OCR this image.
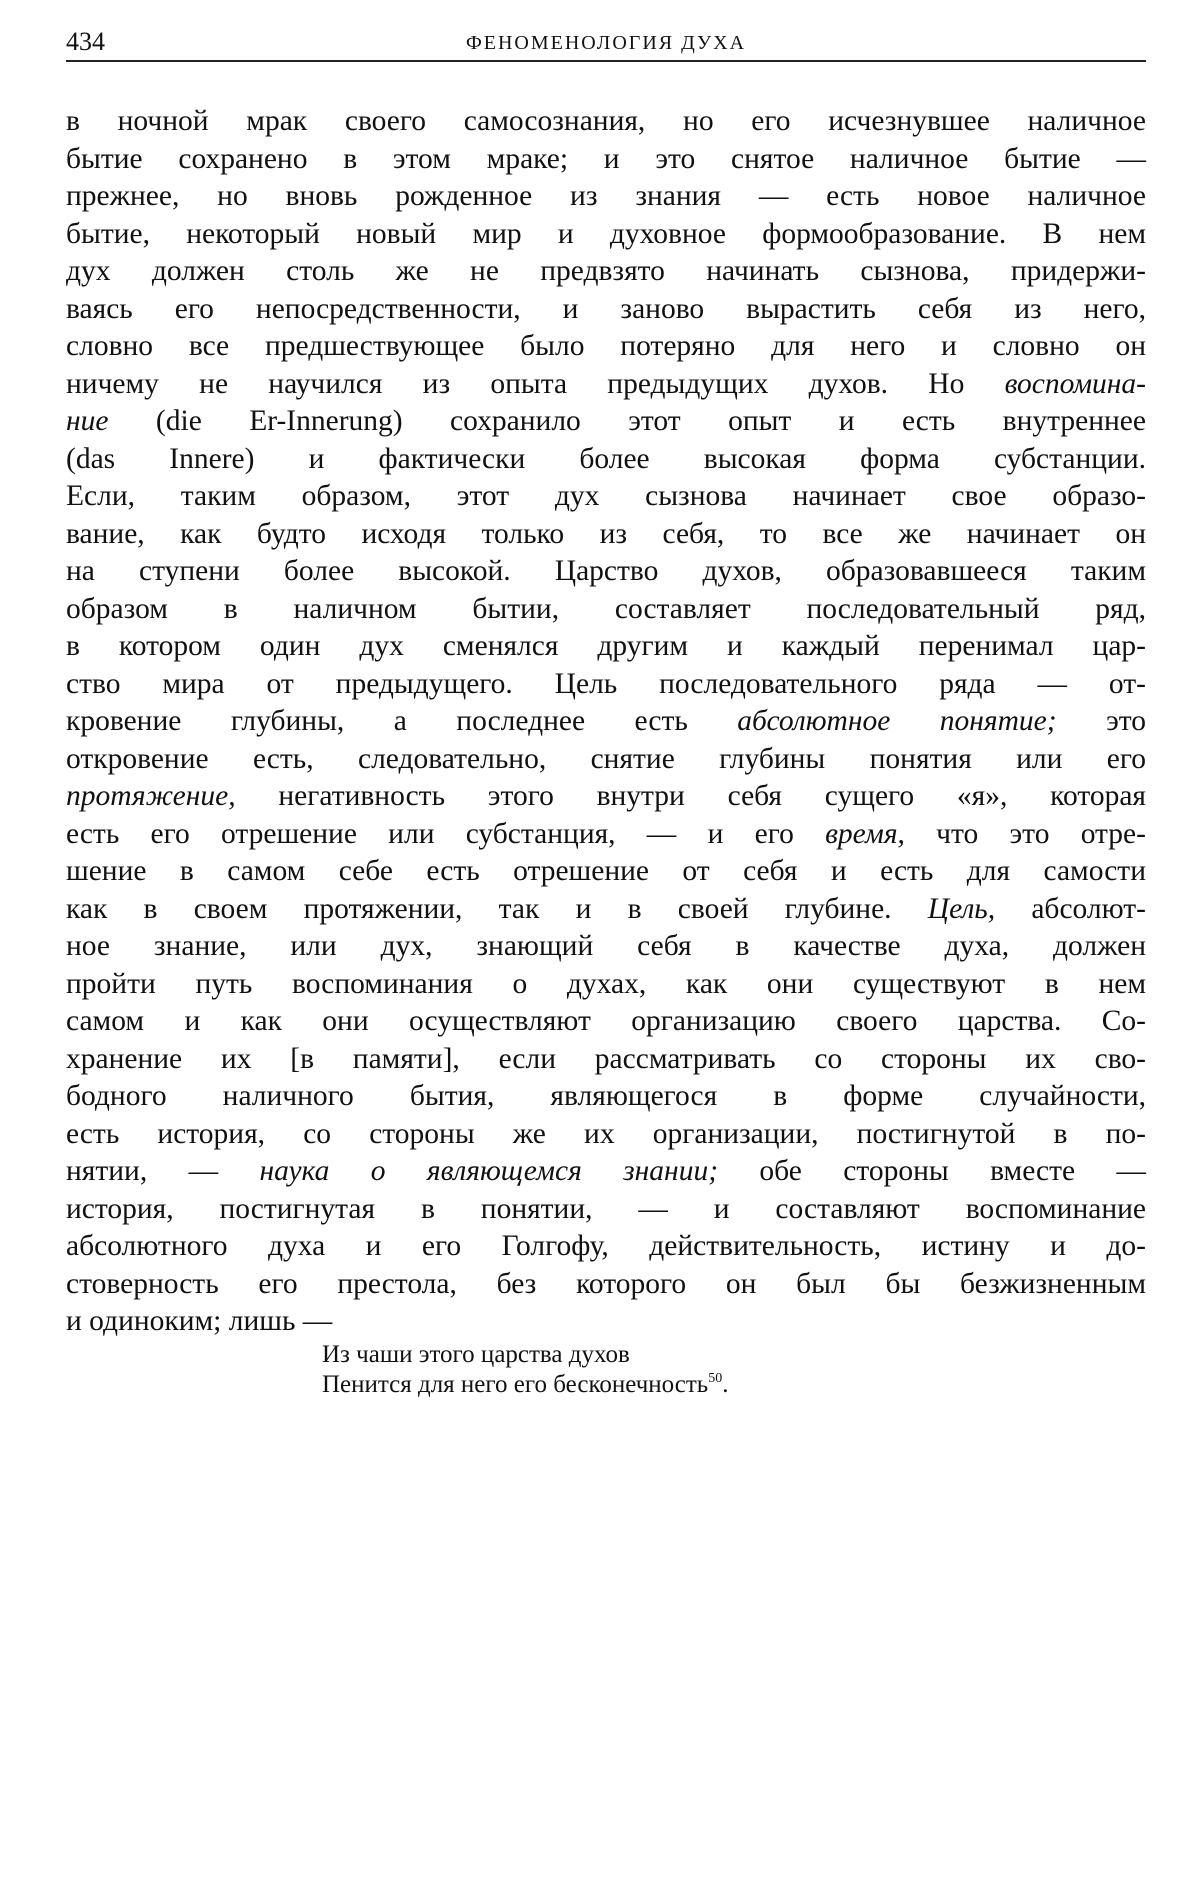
434	ФЕНОМЕНОЛОГИЯ ДУХА
в ночной мрак своего самосознания, но его исчезнувшее наличное
бытие сохранено в этом мраке; и это снятое наличное бытие —
прежнее, но вновь рожденное из знания — есть новое наличное
бытие, некоторый новый мир и духовное формообразование. В нем
дух должен столь же не предвзято начинать сызнова, придержи-
ваясь его непосредственности, и заново вырастить себя из него,
словно все предшествующее было потеряно для него и словно он
ничему не научился из опыта предыдущих духов. Но воспомина-
ние (die Er-Innerung) сохранило этот опыт и есть внутреннее
(das Innere) и фактически более высокая форма субстанции.
Если, таким образом, этот дух сызнова начинает свое образо-
вание, как будто исходя только из себя, то все же начинает он
на ступени более высокой. Царство духов, образовавшееся таким
образом в наличном бытии, составляет последовательный ряд,
в котором один дух сменялся другим и каждый перенимал цар-
ство мира от предыдущего. Цель последовательного ряда — от-
кровение глубины, а последнее есть абсолютное понятие; это
откровение есть, следовательно, снятие глубины понятия или его
протяжение, негативность этого внутри себя сущего «я», которая
есть его отрешение или субстанция, — и его время, что это отре-
шение в самом себе есть отрешение от себя и есть для самости
как в своем протяжении, так и в своей глубине. Цель, абсолют-
ное знание, или дух, знающий себя в качестве духа, должен
пройти путь воспоминания о духах, как они существуют в нем
самом и как они осуществляют организацию своего царства. Со-
хранение их [в памяти], если рассматривать со стороны их сво-
бодного наличного бытия, являющегося в форме случайности,
есть история, со стороны же их организации, постигнутой в по-
нятии, — наука о являющемся знании; обе стороны вместе —
история, постигнутая в понятии, — и составляют воспоминание
абсолютного духа и его Голгофу, действительность, истину и до-
стоверность его престола, без которого он был бы безжизненным
и одиноким; лишь —
Из чаши этого царства духов
Пенится для него его бесконечность$^{50}$.
